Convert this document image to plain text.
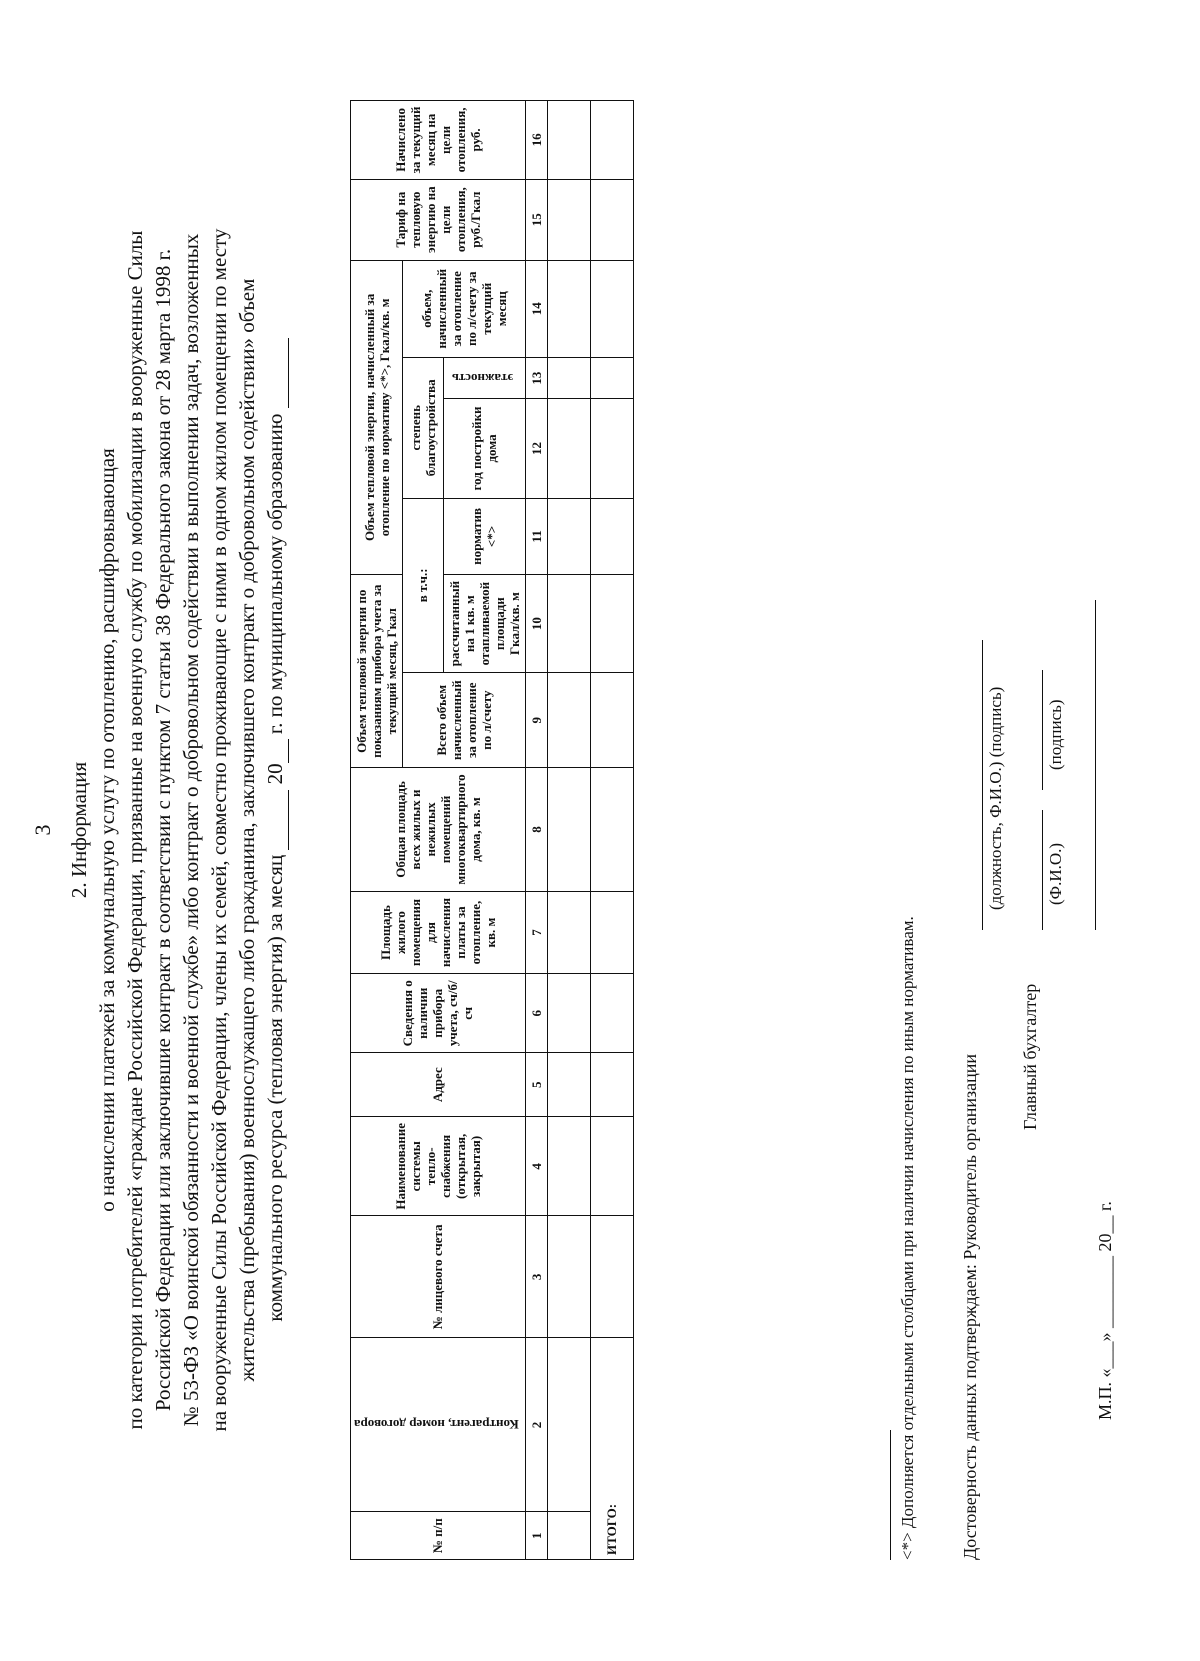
3 2. Информация о начислении платежей за коммунальную услугу по отоплению, расшифровывающая по категории потребителей «граждане Российской Федерации, призванные на военную службу по мобилизации в вооруженные Силы Российской Федерации или заключившие контракт в соответствии с пунктом 7 статьи 38 Федерального закона от 28 марта 1998 г. № 53-ФЗ «О воинской обязанности и военной службе» либо контракт о добровольном содействии в выполнении задач, возложенных на вооруженные Силы Российской Федерации, члены их семей, совместно проживающие с ними в одном жилом помещении по месту жительства (пребывания) военнослужащего либо гражданина, заключившего контракт о добровольном содействии» объем коммунального ресурса (тепловая энергия) за месяц  20 г. по муниципальному образованию

№ п/п	Контрагент, номер договора	№ лицевого счета	Наименование системы тепло-снабжения (открытая, закрытая)	Адрес	Сведения о наличии прибора учета, сч/б/сч	Площадь жилого помещения для начисления платы за отопление, кв. м	Общая площадь всех жилых и нежилых помещений многоквартирного дома, кв. м	Объем тепловой энергии по показаниям прибора учета за текущий месяц, Гкал		Объем тепловой энергии, начисленный за отопление по нормативу <*>, Гкал/кв. м				Тариф на тепловую энергию на цели отопления, руб./Гкал	Начислено за текущий месяц на цели отопления, руб.
								Всего объем начисленный за отопление по л/счету	в т.ч.:		степень благоустройства		объем, начисленный за отопление по л/счету за текущий месяц		
									рассчитанный на 1 кв. м отапливаемой площади Гкал/кв. м	норматив <*>	год постройки дома	этажность			
1	2	3	4	5	6	7	8	9	10	11	12	13	14	15	16

ИТОГО:																<*> Дополняется отдельными столбцами при наличии начисления по иным нормативам. Достоверность данных подтверждаем: Руководитель организации
(должность, Ф.И.О.) (подпись)
Главный бухгалтер
(Ф.И.О.)
(подпись)
М.П. «___» ________ 20__ г.
